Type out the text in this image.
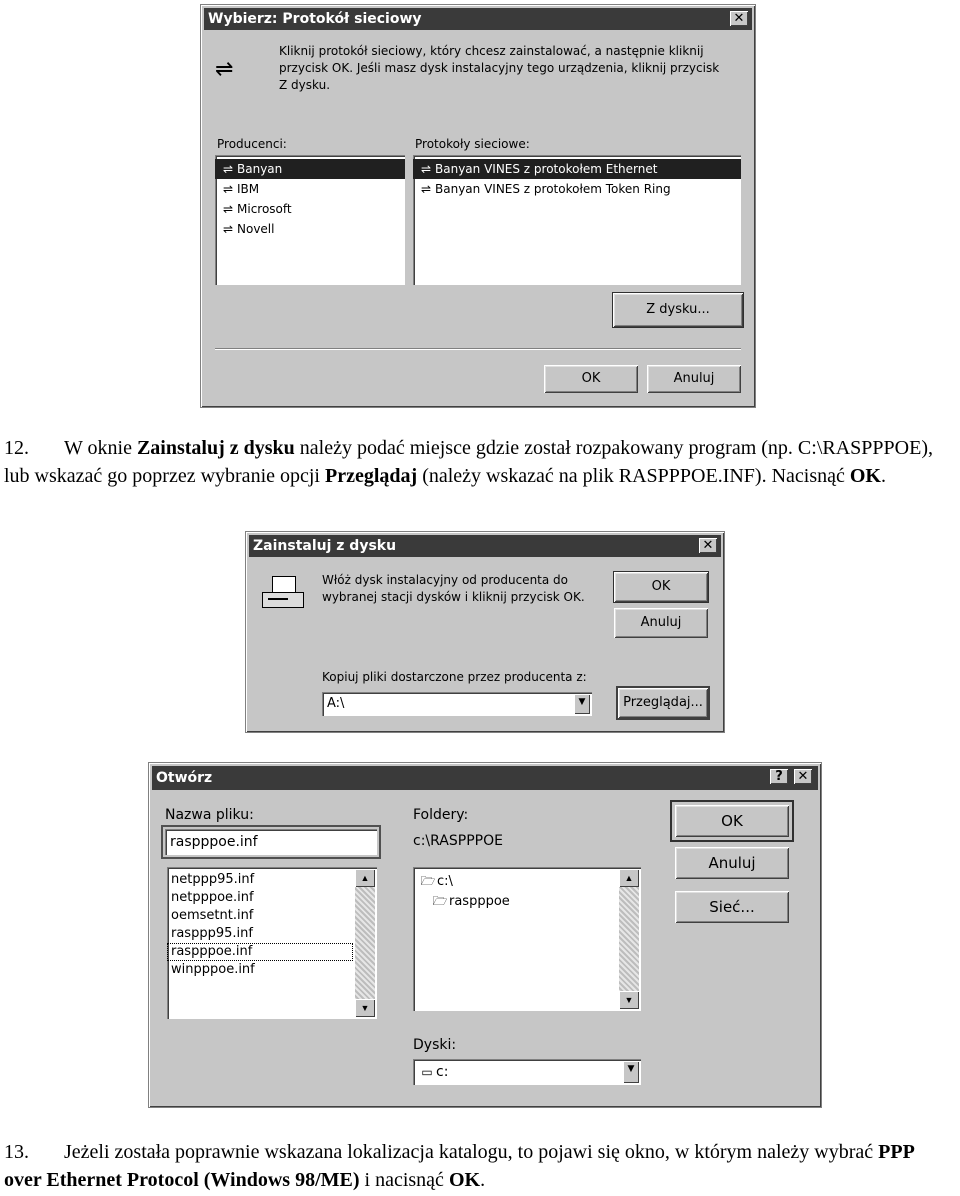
Wybierz: Protokół sieciowy	✕
⇌
Kliknij protokół sieciowy, który chcesz zainstalować, a następnie kliknij przycisk OK. Jeśli masz dysk instalacyjny tego urządzenia, kliknij przycisk Z dysku.
Producenci:
⇌ Banyan
⇌ IBM
⇌ Microsoft
⇌ Novell
Protokoły sieciowe:
⇌ Banyan VINES z protokołem Ethernet
⇌ Banyan VINES z protokołem Token Ring
Z dysku...
OK	Anuluj
12. W oknie Zainstaluj z dysku należy podać miejsce gdzie został rozpakowany program (np. C:\RASPPPOE), lub wskazać go poprzez wybranie opcji Przeglądaj (należy wskazać na plik RASPPPOE.INF). Nacisnąć OK.
Zainstaluj z dysku	✕
Włóż dysk instalacyjny od producenta do wybranej stacji dysków i kliknij przycisk OK.
OK
Anuluj
Kopiuj pliki dostarczone przez producenta z:
A:\	▼	Przeglądaj...
Otwórz	?	✕
Nazwa pliku:
raspppoe.inf
netppp95.inf
netpppoe.inf
oemsetnt.inf
rasppp95.inf
raspppoe.inf
winpppoe.inf
▲
▼
Foldery:
c:\RASPPPOE
🗁 c:\
🗁 raspppoe
▲
▼
Dyski:
▭ c:	▼
OK
Anuluj
Sieć...
13. Jeżeli została poprawnie wskazana lokalizacja katalogu, to pojawi się okno, w którym należy wybrać PPP over Ethernet Protocol (Windows 98/ME) i nacisnąć OK.
